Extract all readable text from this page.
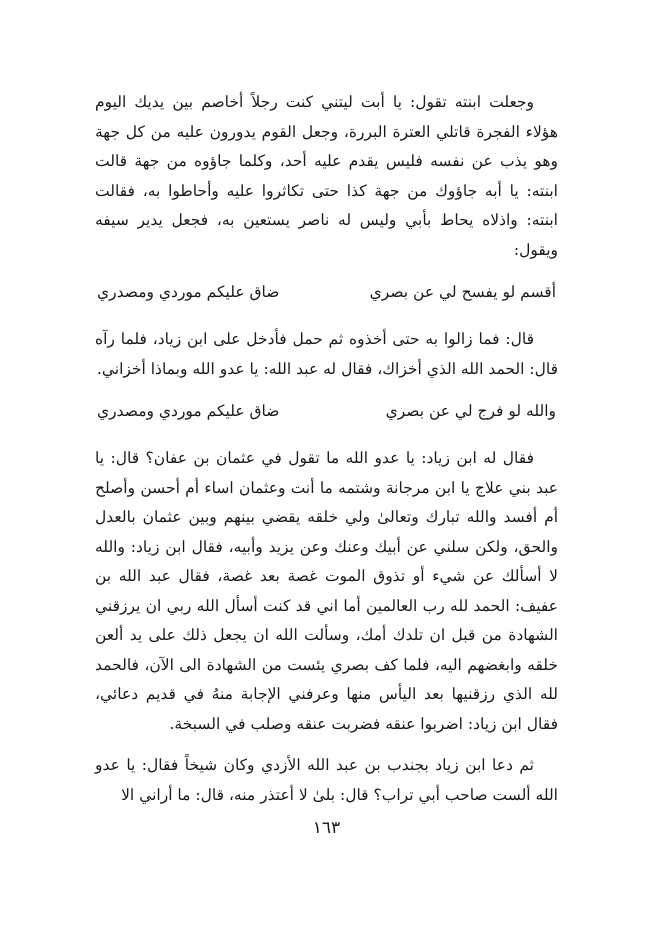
وجعلت ابنته تقول: يا أبت ليتني كنت رجلاً أخاصم بين يديك اليوم هؤلاء الفجرة قاتلي العترة البررة، وجعل القوم يدورون عليه من كل جهة وهو يذب عن نفسه فليس يقدم عليه أحد، وكلما جاؤوه من جهة قالت ابنته: يا أبه جاؤوك من جهة كذا حتى تكاثروا عليه وأحاطوا به، فقالت ابنته: واذلاه يحاط بأبي وليس له ناصر يستعين به، فجعل يدير سيفه ويقول:

أقسم لو يفسح لي عن بصري
ضاق عليكم موردي ومصدري

قال: فما زالوا به حتى أخذوه ثم حمل فأدخل على ابن زياد، فلما رآه قال: الحمد الله الذي أخزاك، فقال له عبد الله: يا عدو الله وبماذا أخزاني.

والله لو فرج لي عن بصري
ضاق عليكم موردي ومصدري

فقال له ابن زياد: يا عدو الله ما تقول في عثمان بن عفان؟ قال: يا عبد بني علاج يا ابن مرجانة وشتمه ما أنت وعثمان اساء أم أحسن وأصلح أم أفسد والله تبارك وتعالىٰ ولي خلقه يقضي بينهم وبين عثمان بالعدل والحق، ولكن سلني عن أبيك وعنك وعن يزيد وأبيه، فقال ابن زياد: والله لا أسألك عن شيء أو تذوق الموت غصة بعد غصة، فقال عبد الله بن عفيف: الحمد لله رب العالمين أما اني قد كنت أسأل الله ربي ان يرزقني الشهادة من قبل ان تلدك أمك، وسألت الله ان يجعل ذلك على يد ألعن خلقه وابغضهم اليه، فلما كف بصري يئست من الشهادة الى الآن، فالحمد لله الذي رزقنيها بعد اليأس منها وعرفني الإجابة منهُ في قديم دعائي، فقال ابن زياد: اضربوا عنقه فضربت عنقه وصلب في السبخة.

ثم دعا ابن زياد بجندب بن عبد الله الأزدي وكان شيخاً فقال: يا عدو الله ألست صاحب أبي تراب؟ قال: بلىٰ لا أعتذر منه، قال: ما أراني الا

١٦٣
